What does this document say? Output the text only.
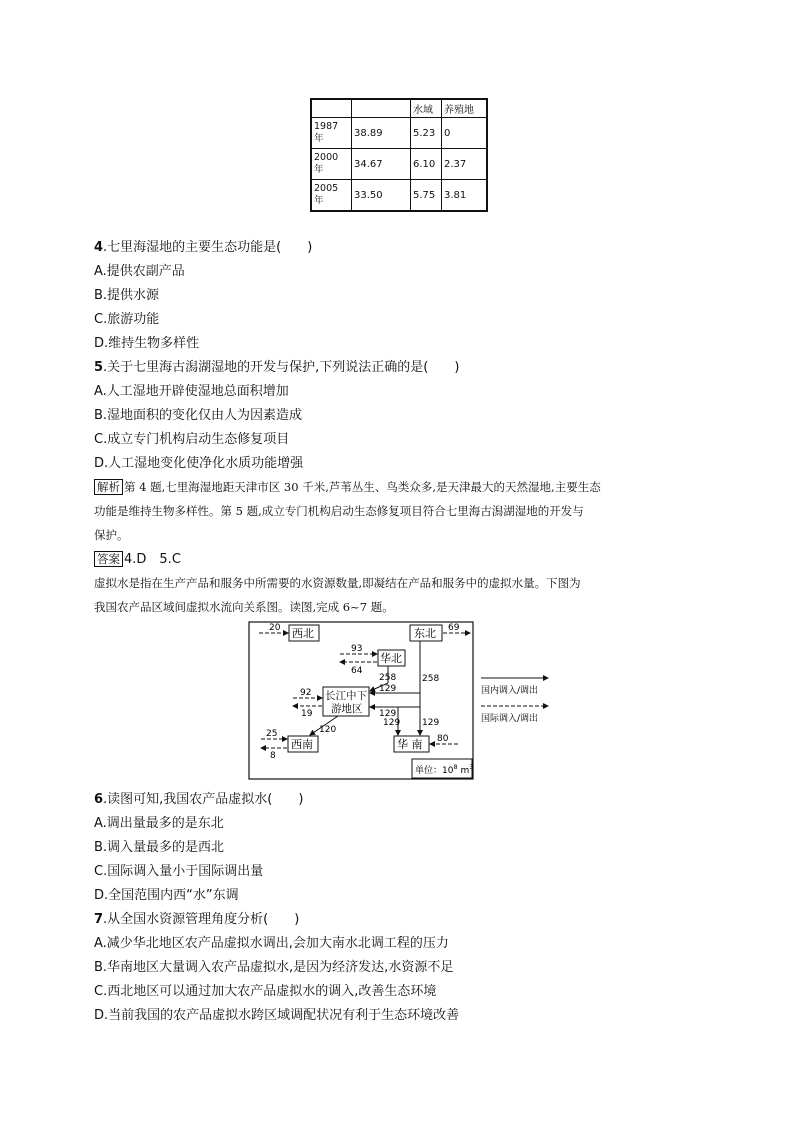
		水域	养殖地
1987
年	38.89	5.23	0
2000
年	34.67	6.10	2.37
2005
年	33.50	5.75	3.81
4.七里海湿地的主要生态功能是(　　)
A.提供农副产品
B.提供水源
C.旅游功能
D.维持生物多样性
5.关于七里海古潟湖湿地的开发与保护,下列说法正确的是(　　)
A.人工湿地开辟使湿地总面积增加
B.湿地面积的变化仅由人为因素造成
C.成立专门机构启动生态修复项目
D.人工湿地变化使净化水质功能增强
解析 第 4 题,七里海湿地距天津市区 30 千米,芦苇丛生、鸟类众多,是天津最大的天然湿地,主要生态
功能是维持生物多样性。第 5 题,成立专门机构启动生态修复项目符合七里海古潟湖湿地的开发与
保护。
答案 4.D　5.C
虚拟水是指在生产产品和服务中所需要的水资源数量,即凝结在产品和服务中的虚拟水量。下图为
我国农产品区域间虚拟水流向关系图。读图,完成 6~7 题。
西北	东北
华北
长江中下
游地区
西南	华 南
20	69
93
64
258
258
129
92
19	129
129 129
120
25
8
80
单位：$10^8$ $m^3$
国内调入/调出
国际调入/调出
6.读图可知,我国农产品虚拟水(　　)
A.调出量最多的是东北
B.调入量最多的是西北
C.国际调入量小于国际调出量
D.全国范围内西“水”东调
7.从全国水资源管理角度分析(　　)
A.减少华北地区农产品虚拟水调出,会加大南水北调工程的压力
B.华南地区大量调入农产品虚拟水,是因为经济发达,水资源不足
C.西北地区可以通过加大农产品虚拟水的调入,改善生态环境
D.当前我国的农产品虚拟水跨区域调配状况有利于生态环境改善
